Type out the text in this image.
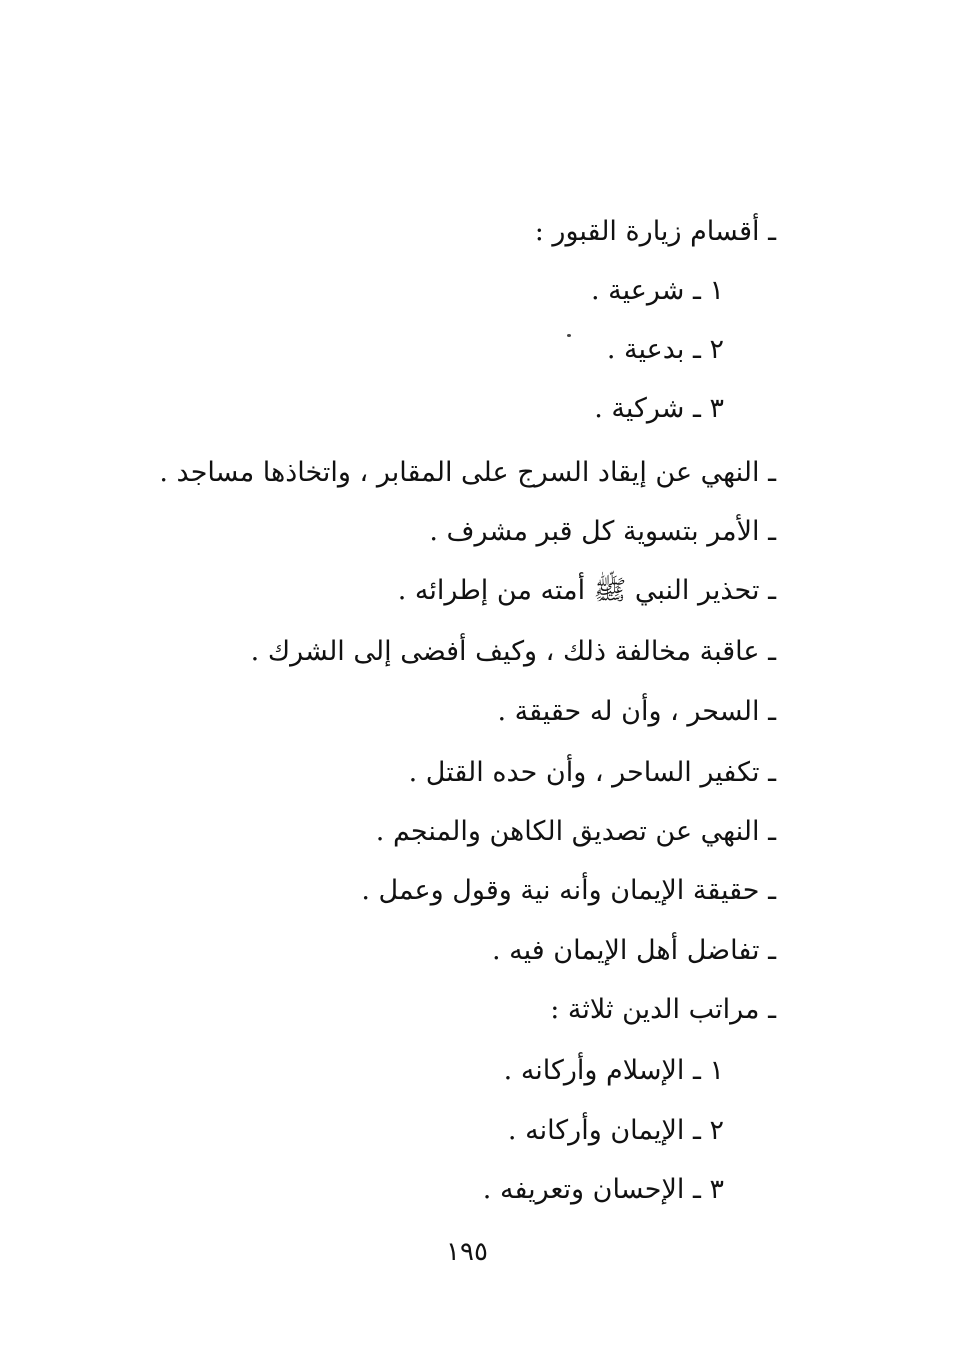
ـ أقسام زيارة القبور :
١ ـ شرعية .
٢ ـ بدعية .
٣ ـ شركية .
ـ النهي عن إيقاد السرج على المقابر ، واتخاذها مساجد .
ـ الأمر بتسوية كل قبر مشرف .
ـ تحذير النبي ﷺ أمته من إطرائه .
ـ عاقبة مخالفة ذلك ، وكيف أفضى إلى الشرك .
ـ السحر ، وأن له حقيقة .
ـ تكفير الساحر ، وأن حده القتل .
ـ النهي عن تصديق الكاهن والمنجم .
ـ حقيقة الإيمان وأنه نية وقول وعمل .
ـ تفاضل أهل الإيمان فيه .
ـ مراتب الدين ثلاثة :
١ ـ الإسلام وأركانه .
٢ ـ الإيمان وأركانه .
٣ ـ الإحسان وتعريفه .
١٩٥
